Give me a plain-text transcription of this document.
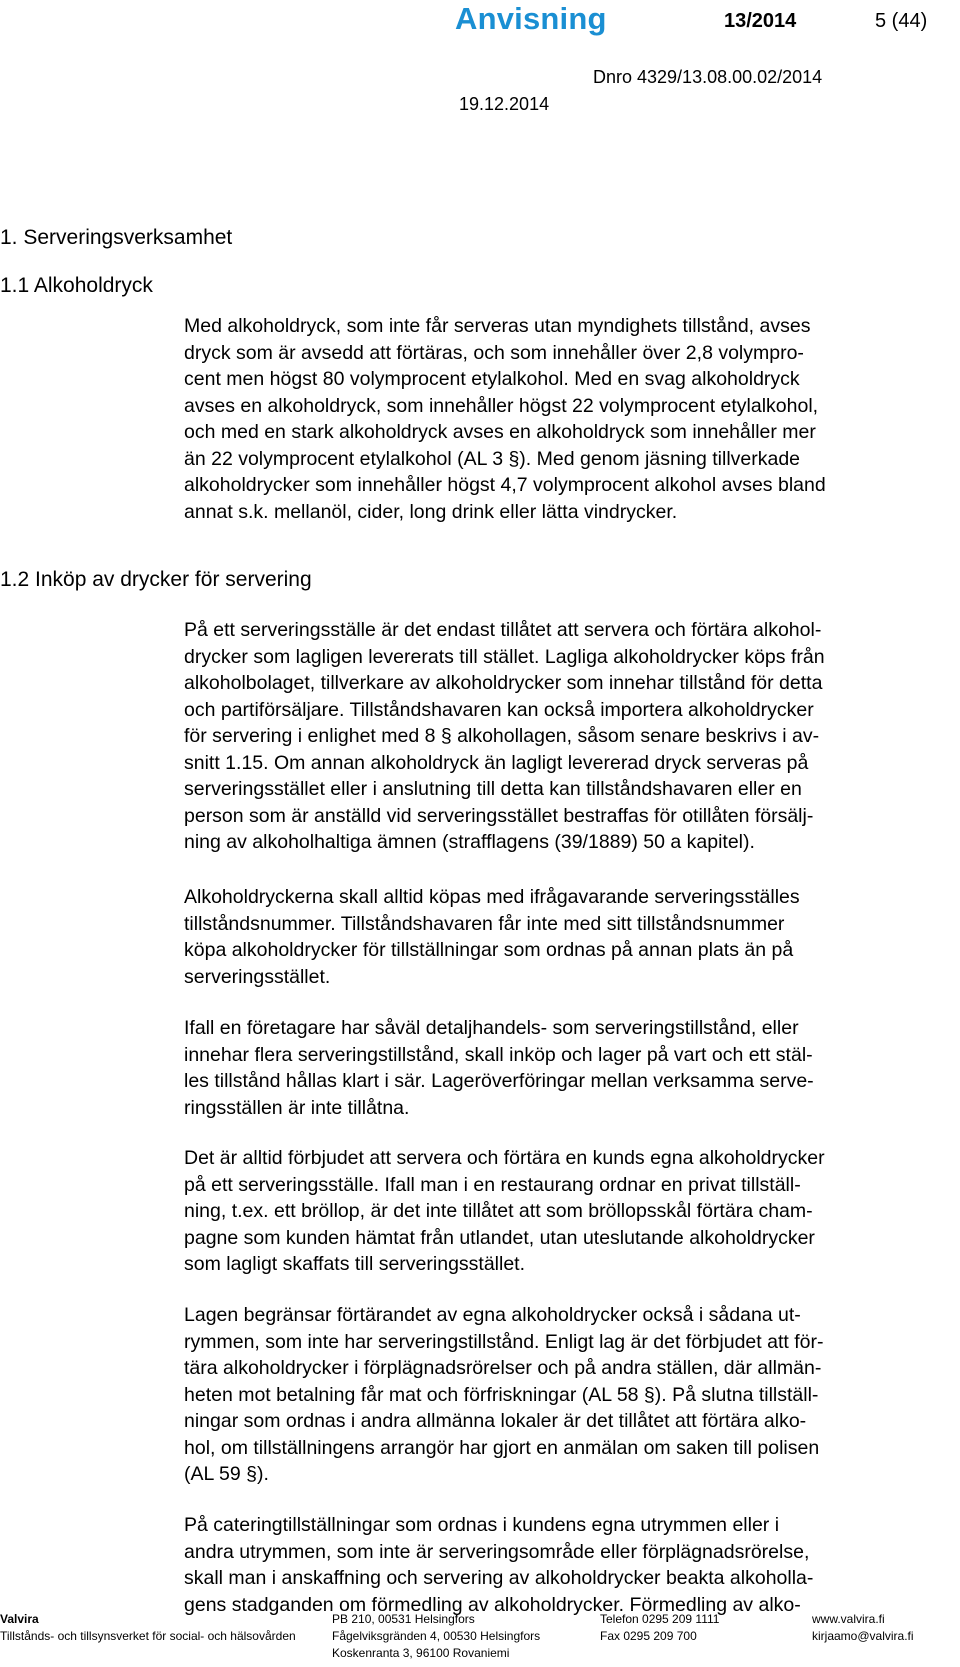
Anvisning	13/2014	5 (44)
Dnro 4329/13.08.00.02/2014
19.12.2014
1. Serveringsverksamhet
1.1 Alkoholdryck

Med alkoholdryck, som inte får serveras utan myndighets tillstånd, avses
dryck som är avsedd att förtäras, och som innehåller över 2,8 volympro-
cent men högst 80 volymprocent etylalkohol. Med en svag alkoholdryck
avses en alkoholdryck, som innehåller högst 22 volymprocent etylalkohol,
och med en stark alkoholdryck avses en alkoholdryck som innehåller mer
än 22 volymprocent etylalkohol (AL 3 §). Med genom jäsning tillverkade
alkoholdrycker som innehåller högst 4,7 volymprocent alkohol avses bland
annat s.k. mellanöl, cider, long drink eller lätta vindrycker.

1.2 Inköp av drycker för servering

På ett serveringsställe är det endast tillåtet att servera och förtära alkohol-
drycker som lagligen levererats till stället. Lagliga alkoholdrycker köps från
alkoholbolaget, tillverkare av alkoholdrycker som innehar tillstånd för detta
och partiförsäljare. Tillståndshavaren kan också importera alkoholdrycker
för servering i enlighet med 8 § alkohollagen, såsom senare beskrivs i av-
snitt 1.15. Om annan alkoholdryck än lagligt levererad dryck serveras på
serveringsstället eller i anslutning till detta kan tillståndshavaren eller en
person som är anställd vid serveringsstället bestraffas för otillåten försälj-
ning av alkoholhaltiga ämnen (strafflagens (39/1889) 50 a kapitel).

Alkoholdryckerna skall alltid köpas med ifrågavarande serveringsställes
tillståndsnummer. Tillståndshavaren får inte med sitt tillståndsnummer
köpa alkoholdrycker för tillställningar som ordnas på annan plats än på
serveringsstället.

Ifall en företagare har såväl detaljhandels- som serveringstillstånd, eller
innehar flera serveringstillstånd, skall inköp och lager på vart och ett stäl-
les tillstånd hållas klart i sär. Lageröverföringar mellan verksamma serve-
ringsställen är inte tillåtna.

Det är alltid förbjudet att servera och förtära en kunds egna alkoholdrycker
på ett serveringsställe. Ifall man i en restaurang ordnar en privat tillställ-
ning, t.ex. ett bröllop, är det inte tillåtet att som bröllopsskål förtära cham-
pagne som kunden hämtat från utlandet, utan uteslutande alkoholdrycker
som lagligt skaffats till serveringsstället.

Lagen begränsar förtärandet av egna alkoholdrycker också i sådana ut-
rymmen, som inte har serveringstillstånd. Enligt lag är det förbjudet att för-
tära alkoholdrycker i förplägnadsrörelser och på andra ställen, där allmän-
heten mot betalning får mat och förfriskningar (AL 58 §). På slutna tillställ-
ningar som ordnas i andra allmänna lokaler är det tillåtet att förtära alko-
hol, om tillställningens arrangör har gjort en anmälan om saken till polisen
(AL 59 §).

På cateringtillställningar som ordnas i kundens egna utrymmen eller i
andra utrymmen, som inte är serveringsområde eller förplägnadsrörelse,
skall man i anskaffning och servering av alkoholdrycker beakta alkoholla-
gens stadganden om förmedling av alkoholdrycker. Förmedling av alko-

Valvira
Tillstånds- och tillsynsverket för social- och hälsovården
PB 210, 00531 Helsingfors
Fågelviksgränden 4, 00530 Helsingfors
Koskenranta 3, 96100 Rovaniemi
Telefon 0295 209 1111
Fax 0295 209 700
www.valvira.fi
kirjaamo@valvira.fi
